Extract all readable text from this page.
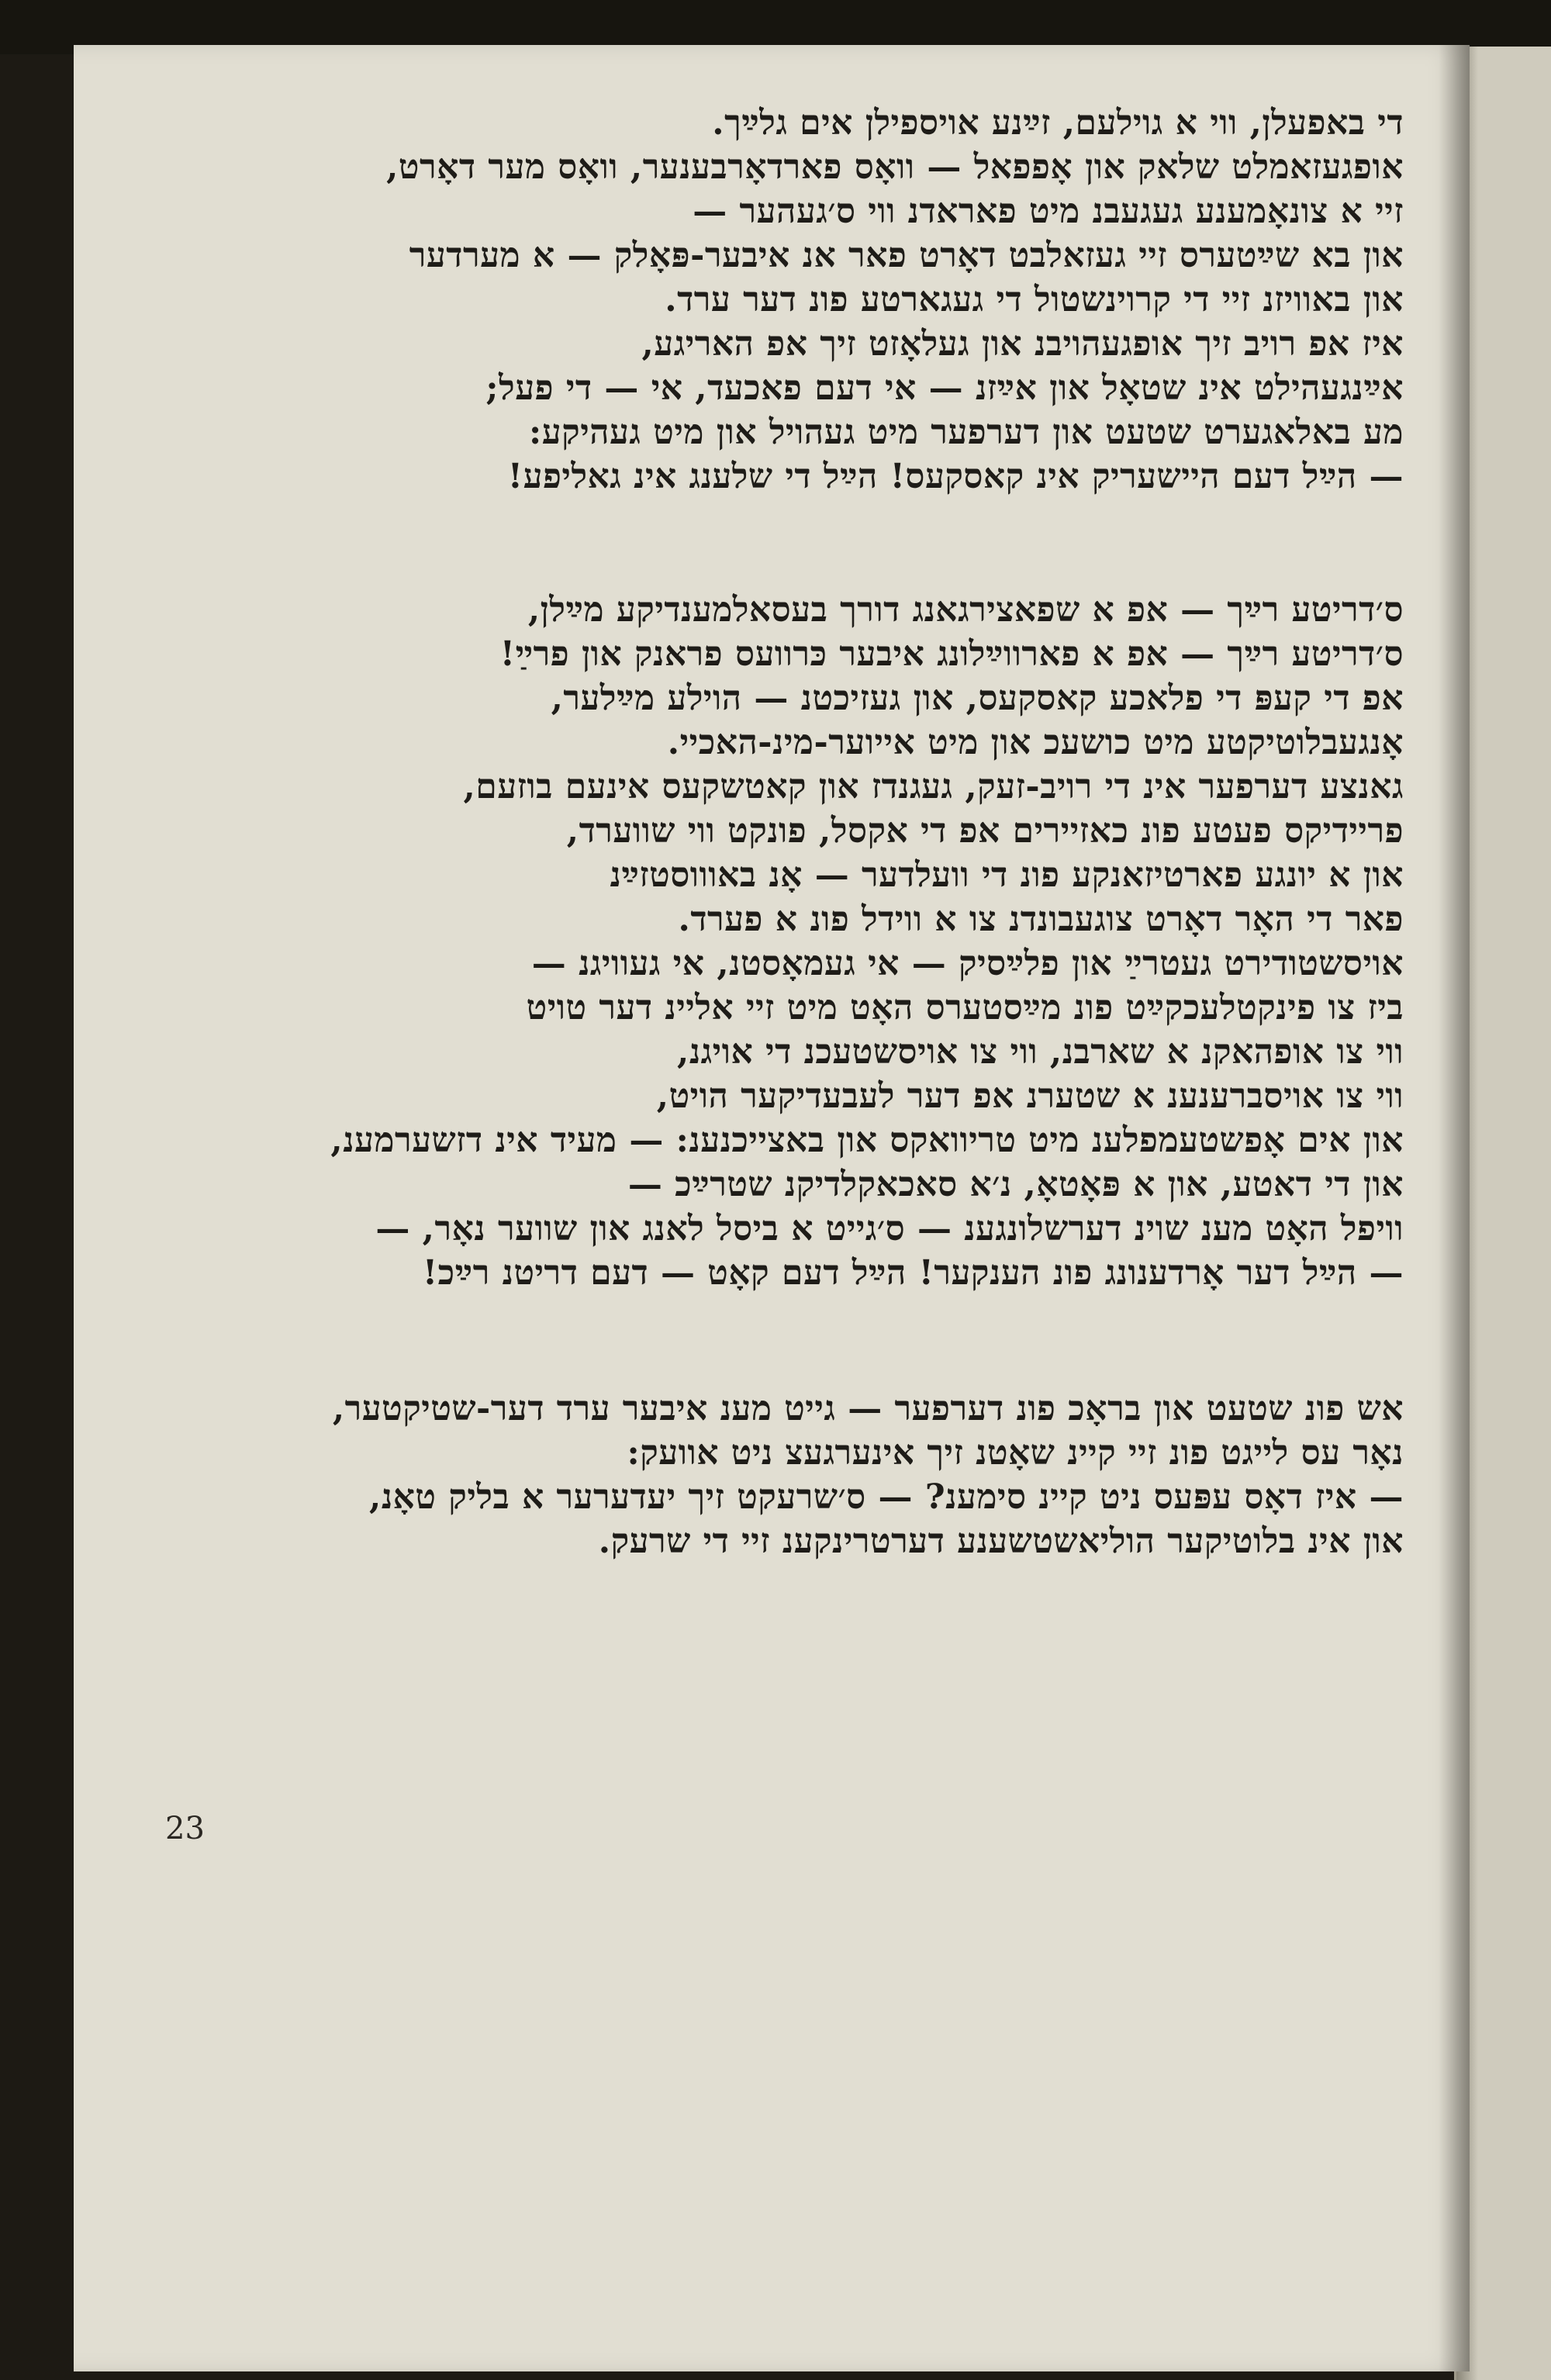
די באפעלן, ווי א גוילעם, זײַנע אויספילן אים גלײַך.
אופגעזאמלט שלאק און אָפפאל — וואָס פארדאָרבענער, וואָס מער דאָרט,
זיי א צונאָמענע געגעבנ מיט פאראדנ ווי ס׳געהער —
און בא שײַטערס זיי געזאלבט דאָרט פאר אנ איבער-פּאָלק — א מערדער
און באוויזנ זיי די קרוינשטול די געגארטע פונ דער ערד.
איז אפ רויב זיך אופגעהויבנ און געלאָזט זיך אפ האריגע,
אײַנגעהילט אינ שטאָל און אײַזנ — אי דעם פאכעד, אי — די פעל;
מע באלאגערט שטעט און דערפער מיט געהויל און מיט געהיקע:
— הײַל דעם היישעריק אינ קאסקעס! הײַל די שלענג אינ גאליפע!
ס׳דריטע רײַך — אפ א שפאצירגאנג דורך בעסאלמענדיקע מײַלן,
ס׳דריטע רײַך — אפ א פארווײַלונג איבער כּרוועס פראנק און פרײַ!
אפ די קעפּ די פלאכע קאסקעס, און געזיכטנ — הוילע מײַלער,
אָנגעבלוטיקטע מיט כושעכ און מיט אייוער-מינ-האכיי.
גאנצע דערפער אינ די רויב-זעק, געגנדז און קאטשקעס אינעם בוזעם,
פריידיקס פעטע פונ כאזיירים אפ די אקסל, פונקט ווי שווערד,
און א יונגע פארטיזאנקע פונ די וועלדער — אָנ באוווסטזײַנ
פאר די האָר דאָרט צוגעבונדנ צו א ווידל פונ א פערד.
אויסשטודירט געטרײַ און פלײַסיק — אי געמאָסטנ, אי געוויגנ —
ביז צו פינקטלעכקײַט פונ מײַסטערס האָט מיט זיי אליינ דער טויט
ווי צו אופהאקנ א שארבנ, ווי צו אויסשטעכנ די אויגנ,
ווי צו אויסברענענ א שטערנ אפ דער לעבעדיקער הויט,
און אים אָפשטעמפלענ מיט טריוואקס און באצייכנענ: — מעיד אינ דזשערמענ,
און די דאטע, און א פּאָטאָ, נ׳א סאכאקלדיקנ שטרײַכ —
וויפל האָט מענ שוינ דערשלונגענ — ס׳גייט א ביסל לאנג און שווער נאָר, —
— הײַל דער אָרדענונג פונ הענקער! הײַל דעם קאָט — דעם דריטנ רײַכ!
אש פונ שטעט און בראָכ פונ דערפער — גייט מענ איבער ערד דער-שטיקטער,
נאָר עס לייגט פונ זיי קיינ שאָטנ זיך אינערגעצ ניט אוועק:
— איז דאָס עפּעס ניט קיינ סימענ? — ס׳שרעקט זיך יעדערער א בליק טאָנ,
און אינ בלוטיקער הוליאשטשענע דערטרינקענ זיי די שרעק.
23
